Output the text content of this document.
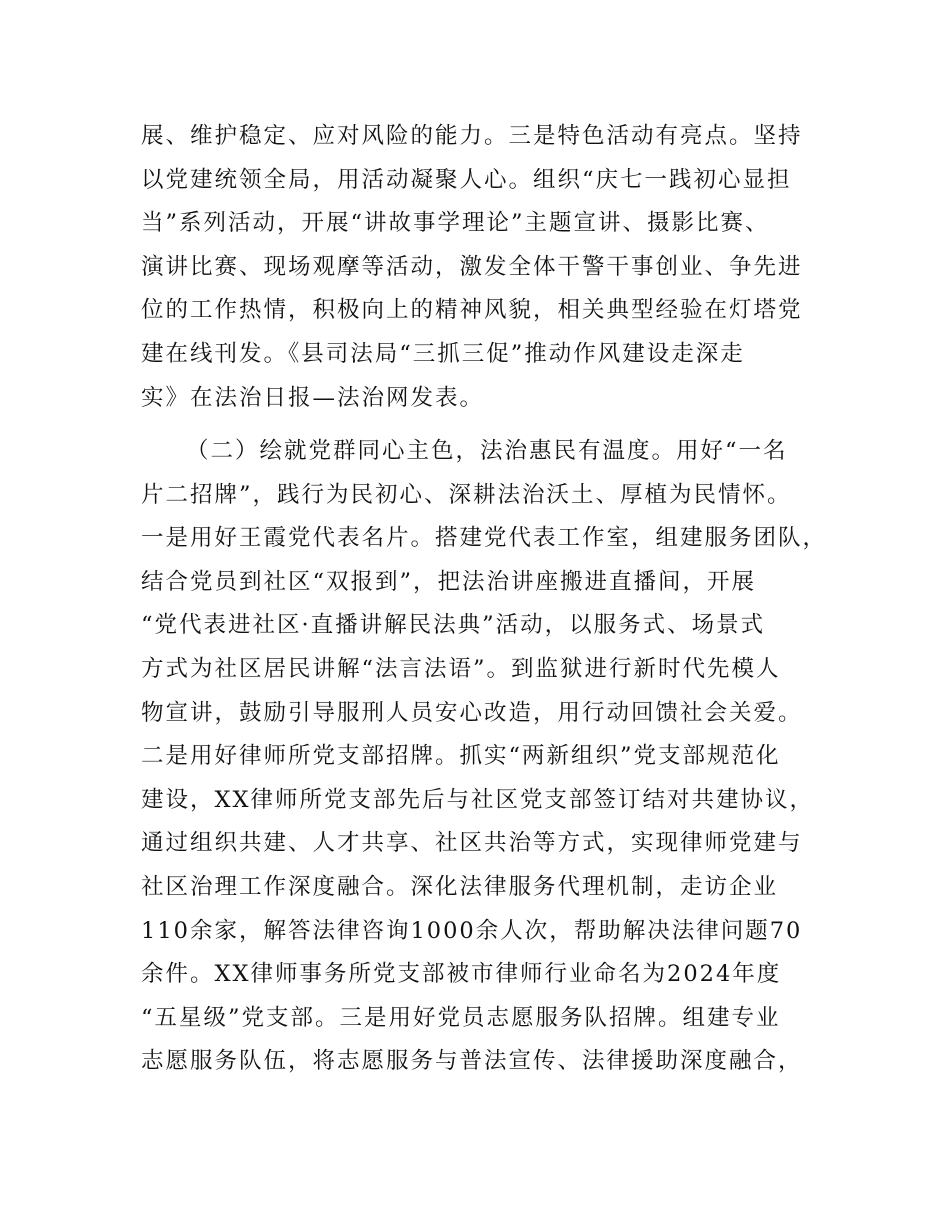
展、维护稳定、应对风险的能力。三是特色活动有亮点。坚持
以党建统领全局，用活动凝聚人心。组织“庆七一践初心显担
当”系列活动，开展“讲故事学理论”主题宣讲、摄影比赛、
演讲比赛、现场观摩等活动，激发全体干警干事创业、争先进
位的工作热情，积极向上的精神风貌，相关典型经验在灯塔党
建在线刊发。《县司法局“三抓三促”推动作风建设走深走
实》在法治日报—法治网发表。
（二）绘就党群同心主色，法治惠民有温度。用好“一名
片二招牌”，践行为民初心、深耕法治沃土、厚植为民情怀。
一是用好王霞党代表名片。搭建党代表工作室，组建服务团队，
结合党员到社区“双报到”，把法治讲座搬进直播间，开展
“党代表进社区·直播讲解民法典”活动，以服务式、场景式
方式为社区居民讲解“法言法语”。到监狱进行新时代先模人
物宣讲，鼓励引导服刑人员安心改造，用行动回馈社会关爱。
二是用好律师所党支部招牌。抓实“两新组织”党支部规范化
建设，XX律师所党支部先后与社区党支部签订结对共建协议，
通过组织共建、人才共享、社区共治等方式，实现律师党建与
社区治理工作深度融合。深化法律服务代理机制，走访企业
110余家，解答法律咨询1000余人次，帮助解决法律问题70
余件。XX律师事务所党支部被市律师行业命名为2024年度
“五星级”党支部。三是用好党员志愿服务队招牌。组建专业
志愿服务队伍，将志愿服务与普法宣传、法律援助深度融合，
